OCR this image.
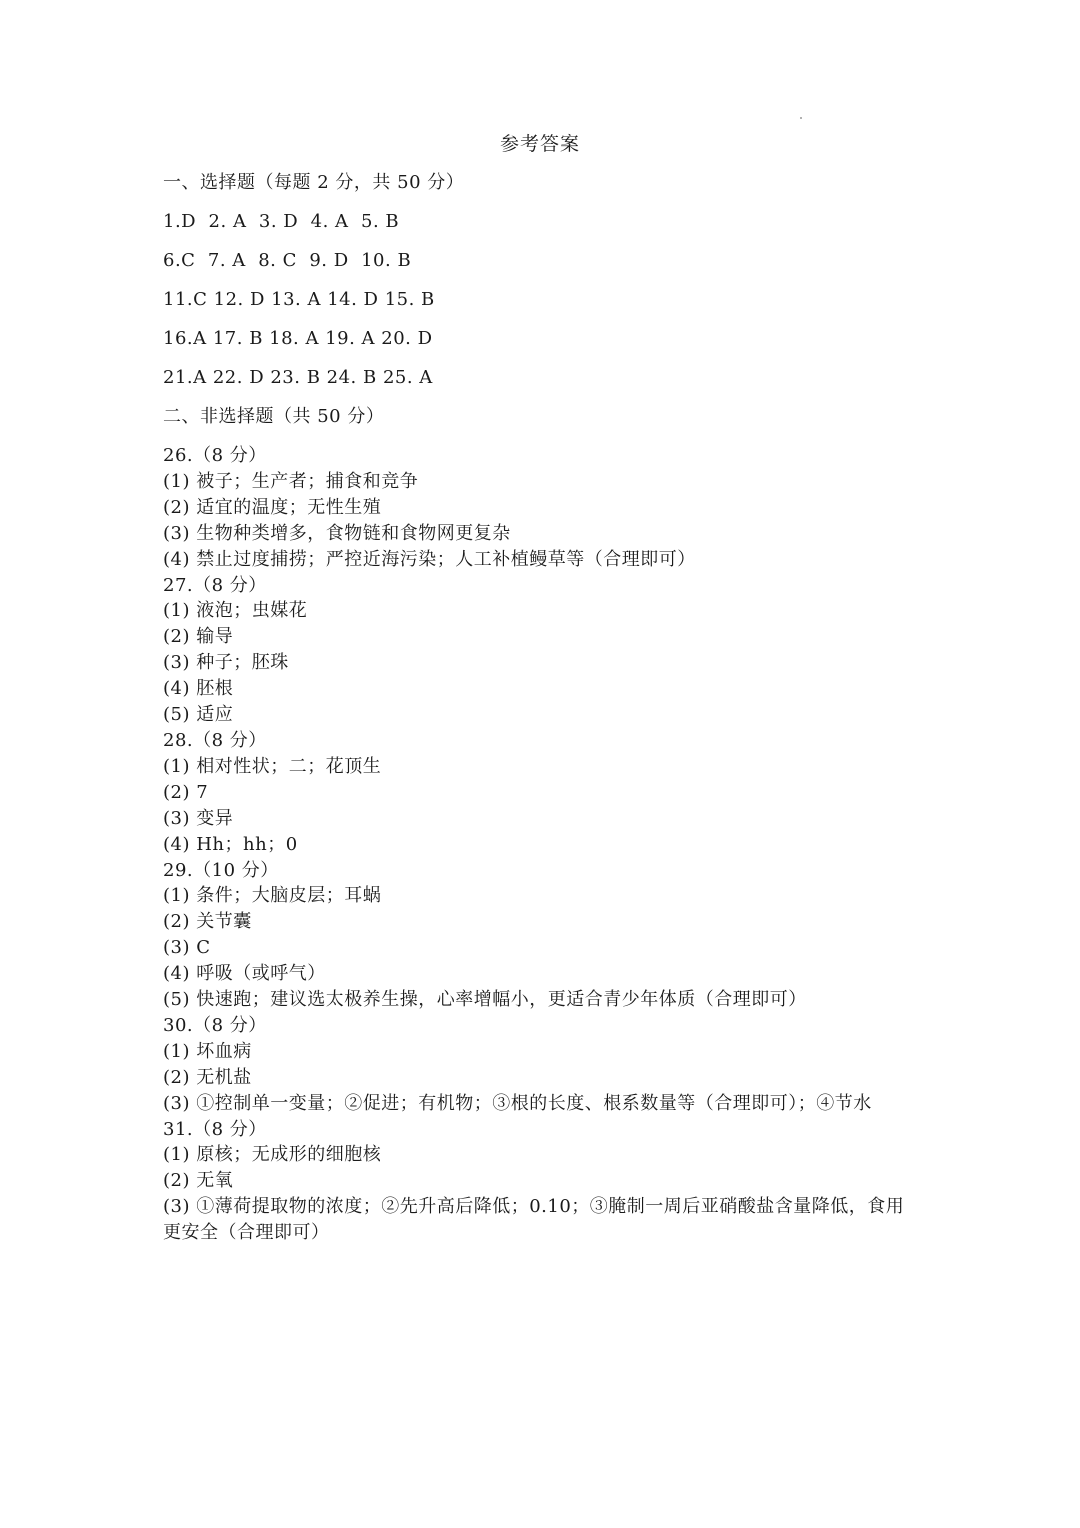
参考答案
一、选择题（每题 2 分，共 50 分）
1.D  2. A  3. D  4. A  5. B
6.C  7. A  8. C  9. D  10. B
11.C 12. D 13. A 14. D 15. B
16.A 17. B 18. A 19. A 20. D
21.A 22. D 23. B 24. B 25. A
二、非选择题（共 50 分）
26.（8 分）
(1) 被子；生产者；捕食和竞争
(2) 适宜的温度；无性生殖
(3) 生物种类增多，食物链和食物网更复杂
(4) 禁止过度捕捞；严控近海污染；人工补植鳗草等（合理即可）
27.（8 分）
(1) 液泡；虫媒花
(2) 输导
(3) 种子；胚珠
(4) 胚根
(5) 适应
28.（8 分）
(1) 相对性状；二；花顶生
(2) 7
(3) 变异
(4) Hh；hh；0
29.（10 分）
(1) 条件；大脑皮层；耳蜗
(2) 关节囊
(3) C
(4) 呼吸（或呼气）
(5) 快速跑；建议选太极养生操，心率增幅小，更适合青少年体质（合理即可）
30.（8 分）
(1) 坏血病
(2) 无机盐
(3) ①控制单一变量；②促进；有机物；③根的长度、根系数量等（合理即可）；④节水
31.（8 分）
(1) 原核；无成形的细胞核
(2) 无氧
(3) ①薄荷提取物的浓度；②先升高后降低；0.10；③腌制一周后亚硝酸盐含量降低，食用更安全（合理即可）
